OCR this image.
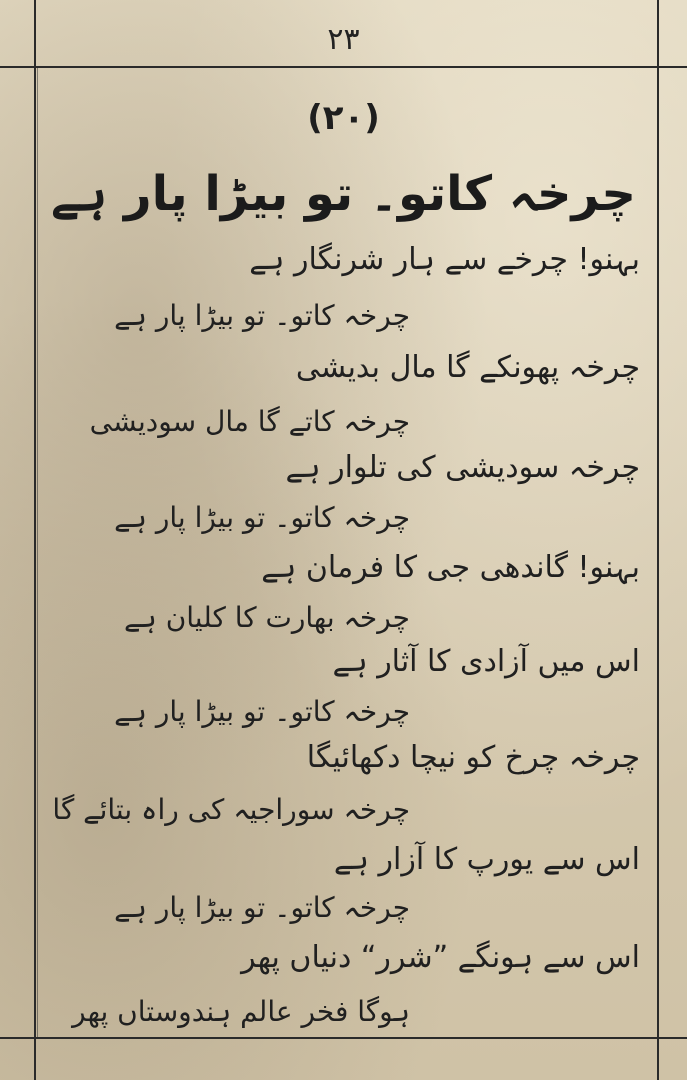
۲۳
(۲۰)
چرخہ کاتو۔ تو بیڑا پار ہے
بہنو! چرخے سے ہار شرنگار ہے
چرخہ کاتو۔ تو بیڑا پار ہے
چرخہ پھونکے گا مال بدیشی
چرخہ کاتے گا مال سودیشی
چرخہ سودیشی کی تلوار ہے
چرخہ کاتو۔ تو بیڑا پار ہے
بہنو! گاندھی جی کا فرمان ہے
چرخہ بھارت کا کلیان ہے
اس میں آزادی کا آثار ہے
چرخہ کاتو۔ تو بیڑا پار ہے
چرخہ چرخ کو نیچا دکھائیگا
چرخہ سوراجیہ کی راہ بتائے گا
اس سے یورپ کا آزار ہے
چرخہ کاتو۔ تو بیڑا پار ہے
اس سے ہونگے ”شرر“ دنیاں پھر
ہوگا فخر عالم ہندوستاں پھر
